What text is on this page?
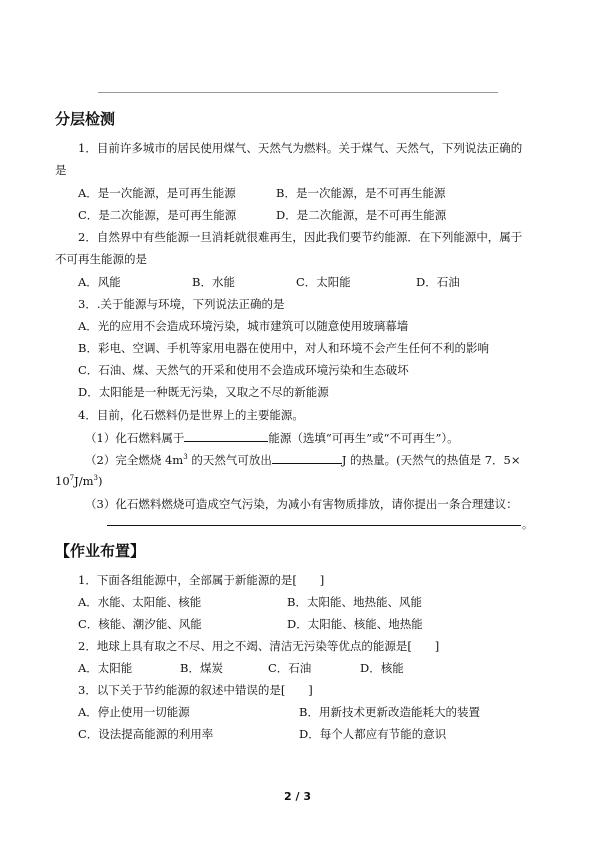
分层检测
1．目前许多城市的居民使用煤气、天然气为燃料。关于煤气、天然气，下列说法正确的
是
A．是一次能源，是可再生能源	B．是一次能源，是不可再生能源
C．是二次能源，是可再生能源	D．是二次能源，是不可再生能源
2．自然界中有些能源一旦消耗就很难再生，因此我们要节约能源．在下列能源中，属于
不可再生能源的是
A．风能	B．水能	C．太阳能	D．石油
3．.关于能源与环境，下列说法正确的是
A．光的应用不会造成环境污染，城市建筑可以随意使用玻璃幕墙
B．彩电、空调、手机等家用电器在使用中，对人和环境不会产生任何不利的影响
C．石油、煤、天然气的开采和使用不会造成环境污染和生态破坏
D．太阳能是一种既无污染，又取之不尽的新能源
4．目前，化石燃料仍是世界上的主要能源。
（1）化石燃料属于	能源（选填“可再生”或“不可再生”）。
（2）完全燃烧 $4m^3$ 的天然气可放出	J 的热量。(天然气的热值是 7．5×
$10^7J/m^3$)
（3）化石燃料燃烧可造成空气污染，为减小有害物质排放，请你提出一条合理建议：
。
【作业布置】
1．下面各组能源中，全部属于新能源的是[　　]
A．水能、太阳能、核能	B．太阳能、地热能、风能
C．核能、潮汐能、风能	D．太阳能、核能、地热能
2．地球上具有取之不尽、用之不竭、清洁无污染等优点的能源是[　　]
A．太阳能	B．煤炭	C．石油	D．核能
3．以下关于节约能源的叙述中错误的是[　　]
A．停止使用一切能源	B．用新技术更新改造能耗大的装置
C．设法提高能源的利用率	D．每个人都应有节能的意识
2 / 3
